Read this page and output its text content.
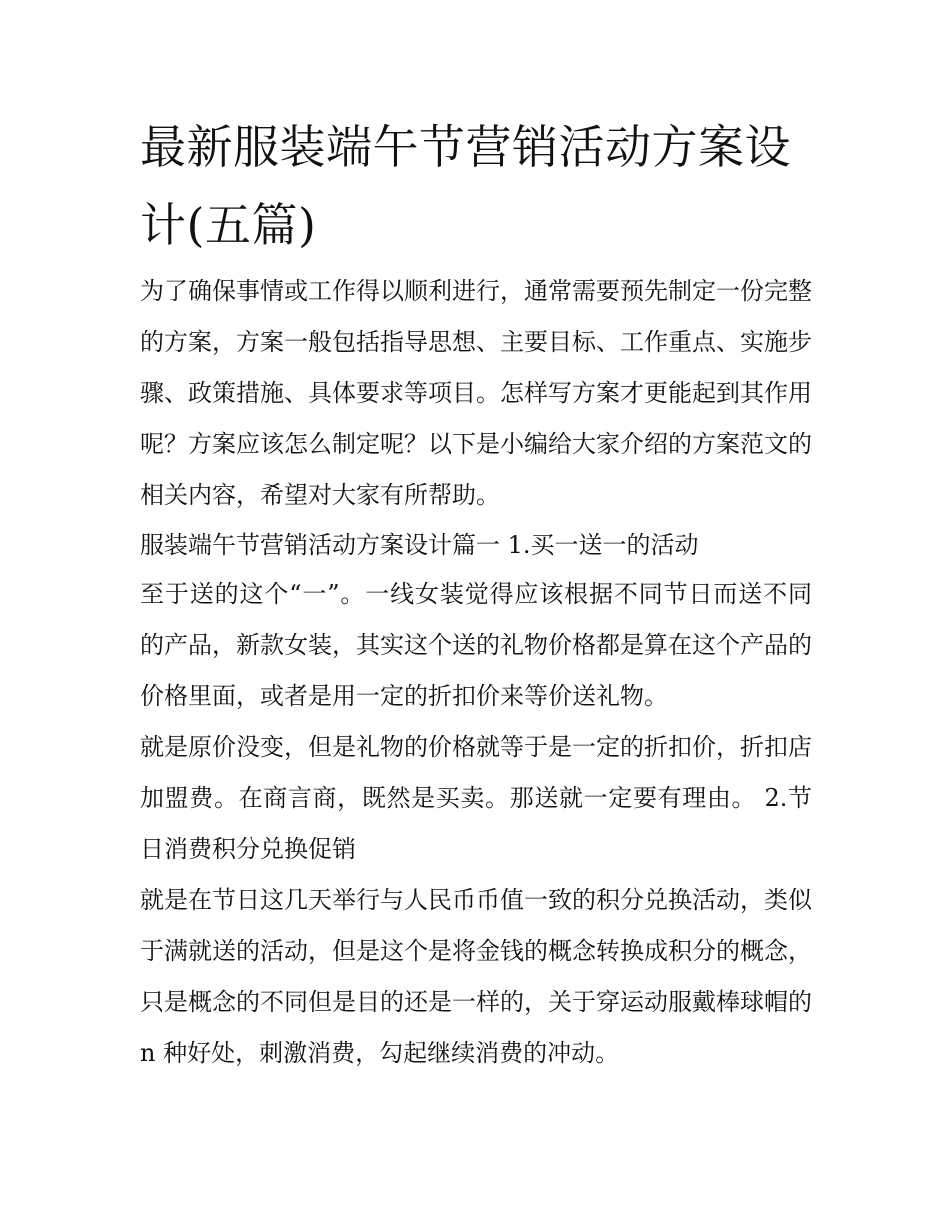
最新服装端午节营销活动方案设计(五篇)

为了确保事情或工作得以顺利进行，通常需要预先制定一份完整的方案，方案一般包括指导思想、主要目标、工作重点、实施步骤、政策措施、具体要求等项目。怎样写方案才更能起到其作用呢？方案应该怎么制定呢？以下是小编给大家介绍的方案范文的相关内容，希望对大家有所帮助。

服装端午节营销活动方案设计篇一 1.买一送一的活动

至于送的这个“一”。一线女装觉得应该根据不同节日而送不同的产品，新款女装，其实这个送的礼物价格都是算在这个产品的价格里面，或者是用一定的折扣价来等价送礼物。

就是原价没变，但是礼物的价格就等于是一定的折扣价，折扣店加盟费。在商言商，既然是买卖。那送就一定要有理由。 2.节日消费积分兑换促销

就是在节日这几天举行与人民币币值一致的积分兑换活动，类似于满就送的活动，但是这个是将金钱的概念转换成积分的概念，只是概念的不同但是目的还是一样的，关于穿运动服戴棒球帽的 n 种好处，刺激消费，勾起继续消费的冲动。
